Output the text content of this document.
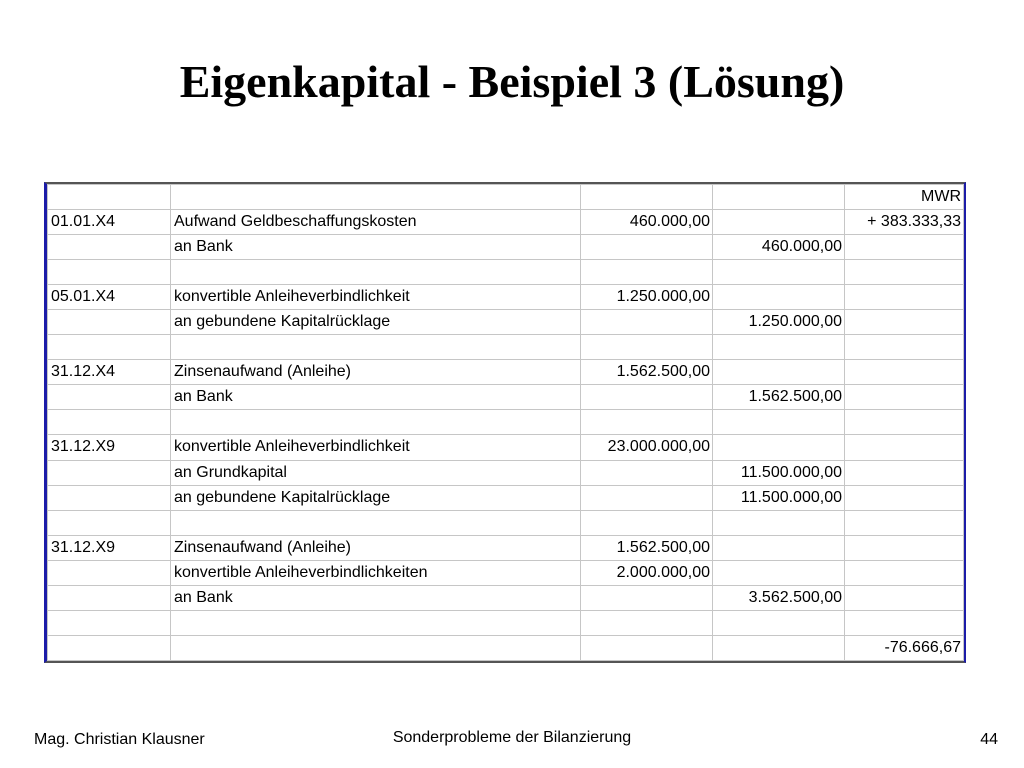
Eigenkapital - Beispiel 3 (Lösung)
				MWR
01.01.X4	Aufwand Geldbeschaffungskosten	460.000,00		+ 383.333,33
	an Bank		460.000,00	

05.01.X4	konvertible Anleiheverbindlichkeit	1.250.000,00		
	an gebundene Kapitalrücklage		1.250.000,00	

31.12.X4	Zinsenaufwand (Anleihe)	1.562.500,00		
	an Bank		1.562.500,00	

31.12.X9	konvertible Anleiheverbindlichkeit	23.000.000,00		
	an Grundkapital		11.500.000,00	
	an gebundene Kapitalrücklage		11.500.000,00	

31.12.X9	Zinsenaufwand (Anleihe)	1.562.500,00		
	konvertible Anleiheverbindlichkeiten	2.000.000,00		
	an Bank		3.562.500,00	

				-76.666,67
Mag. Christian Klausner	Sonderprobleme der Bilanzierung	44
